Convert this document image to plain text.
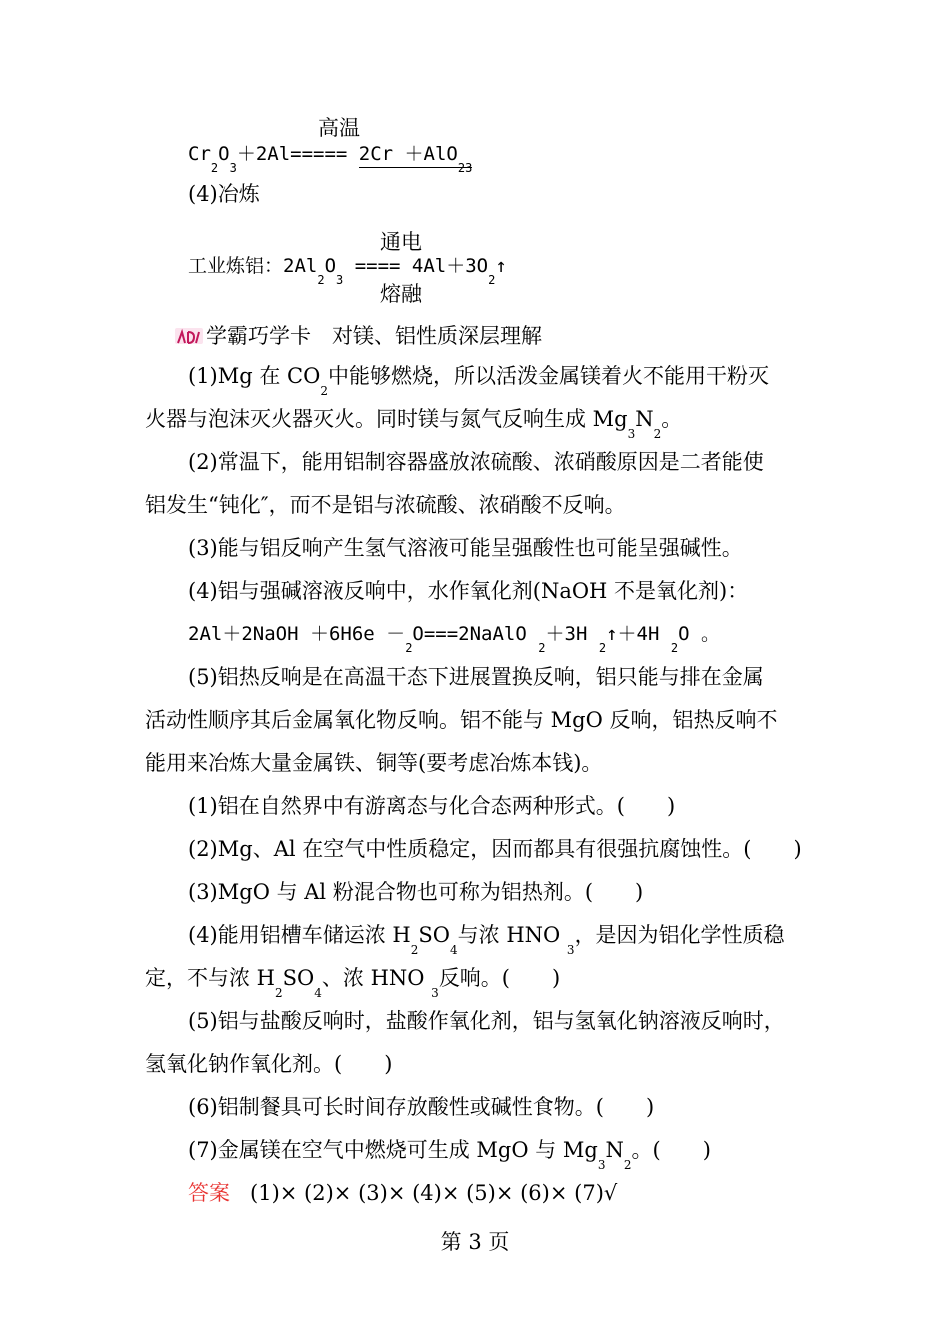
高温
$Cr_2O_3+2Al===== 2Cr +AlO_{23}$
(4)冶炼
通电
工业炼铝：$2Al_2O_3$ ==== $4Al+3O_2↑$
熔融
学霸巧学卡　对镁、铝性质深层理解
(1)Mg 在 $CO_2$中能够燃烧，所以活泼金属镁着火不能用干粉灭
火器与泡沫灭火器灭火。同时镁与氮气反响生成 $Mg_3N_2$。
(2)常温下，能用铝制容器盛放浓硫酸、浓硝酸原因是二者能使
铝发生“钝化″，而不是铝与浓硫酸、浓硝酸不反响。
(3)能与铝反响产生氢气溶液可能呈强酸性也可能呈强碱性。
(4)铝与强碱溶液反响中，水作氧化剂(NaOH 不是氧化剂)：
2Al＋2NaOH $+6H6e -_2O===2NaAlO$ $_2$＋3H $_2$↑＋4H $_2$O 。
(5)铝热反响是在高温干态下进展置换反响，铝只能与排在金属
活动性顺序其后金属氧化物反响。铝不能与 MgO 反响，铝热反响不
能用来冶炼大量金属铁、铜等(要考虑冶炼本钱)。
(1)铝在自然界中有游离态与化合态两种形式。(　　)
(2)Mg、Al 在空气中性质稳定，因而都具有很强抗腐蚀性。(　　)
(3)MgO 与 Al 粉混合物也可称为铝热剂。(　　)
(4)能用铝槽车储运浓 $H_2SO_4$与浓 HNO $_3$，是因为铝化学性质稳
定，不与浓 $H_2SO_4$、浓 HNO $_3$反响。(　　)
(5)铝与盐酸反响时，盐酸作氧化剂，铝与氢氧化钠溶液反响时，
氢氧化钠作氧化剂。(　　)
(6)铝制餐具可长时间存放酸性或碱性食物。(　　)
(7)金属镁在空气中燃烧可生成 MgO 与 $Mg_3N_2$。(　　)
答案 (1)× (2)× (3)× (4)× (5)× (6)× (7)√
第 3 页
